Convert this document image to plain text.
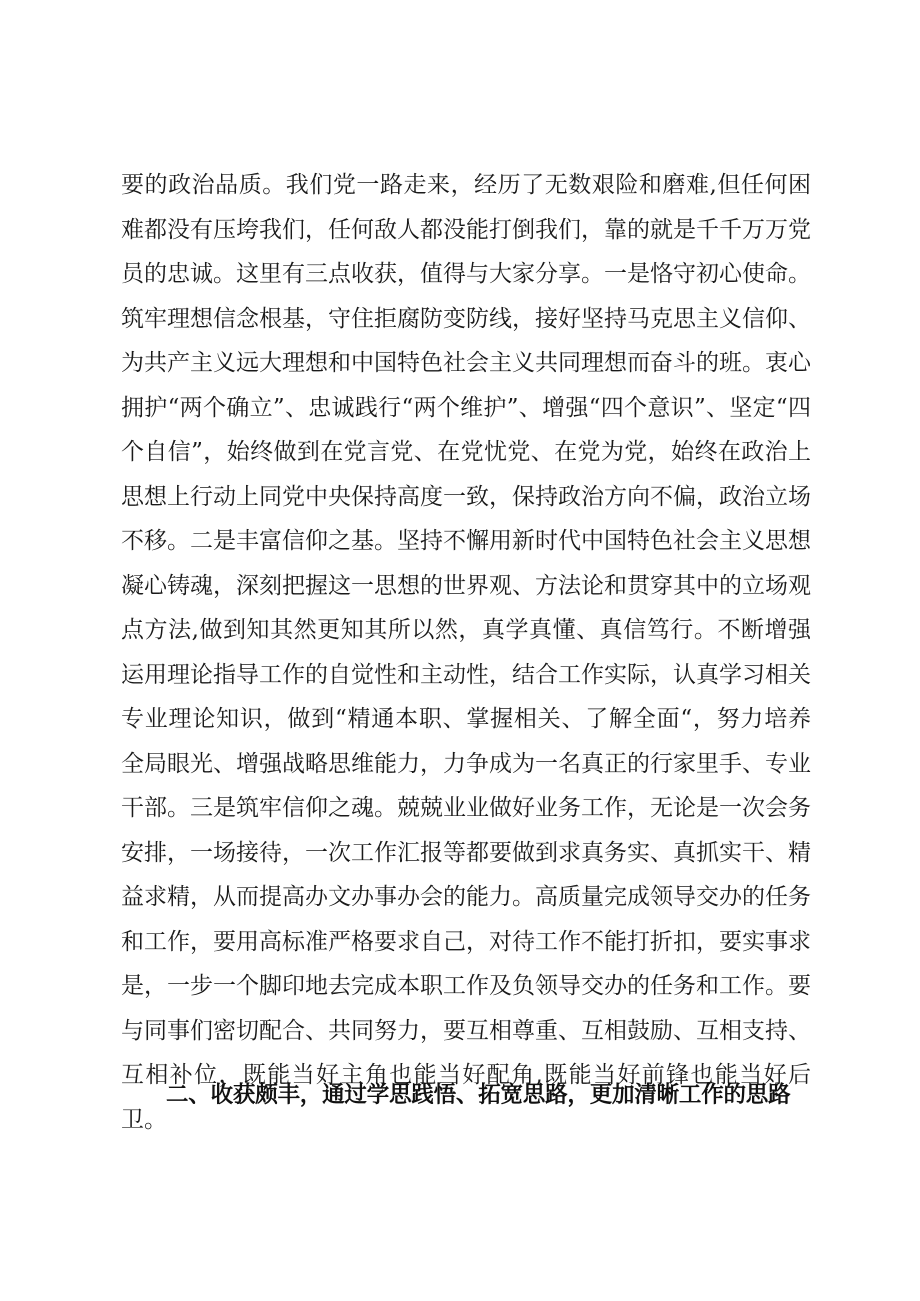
要的政治品质。我们党一路走来，经历了无数艰险和磨难,但任何困难都没有压垮我们，任何敌人都没能打倒我们，靠的就是千千万万党员的忠诚。这里有三点收获，值得与大家分享。一是恪守初心使命。筑牢理想信念根基，守住拒腐防变防线，接好坚持马克思主义信仰、为共产主义远大理想和中国特色社会主义共同理想而奋斗的班。衷心拥护“两个确立”、忠诚践行“两个维护”、增强“四个意识”、坚定“四个自信”，始终做到在党言党、在党忧党、在党为党，始终在政治上思想上行动上同党中央保持高度一致，保持政治方向不偏，政治立场不移。二是丰富信仰之基。坚持不懈用新时代中国特色社会主义思想凝心铸魂，深刻把握这一思想的世界观、方法论和贯穿其中的立场观点方法,做到知其然更知其所以然，真学真懂、真信笃行。不断增强运用理论指导工作的自觉性和主动性，结合工作实际，认真学习相关专业理论知识，做到“精通本职、掌握相关、了解全面“，努力培养全局眼光、增强战略思维能力，力争成为一名真正的行家里手、专业干部。三是筑牢信仰之魂。兢兢业业做好业务工作，无论是一次会务安排，一场接待，一次工作汇报等都要做到求真务实、真抓实干、精益求精，从而提高办文办事办会的能力。高质量完成领导交办的任务和工作，要用高标准严格要求自己，对待工作不能打折扣，要实事求是，一步一个脚印地去完成本职工作及负领导交办的任务和工作。要与同事们密切配合、共同努力，要互相尊重、互相鼓励、互相支持、互相补位，既能当好主角也能当好配角,既能当好前锋也能当好后卫。

二、收获颇丰，通过学思践悟、拓宽思路，更加清晰工作的思路
